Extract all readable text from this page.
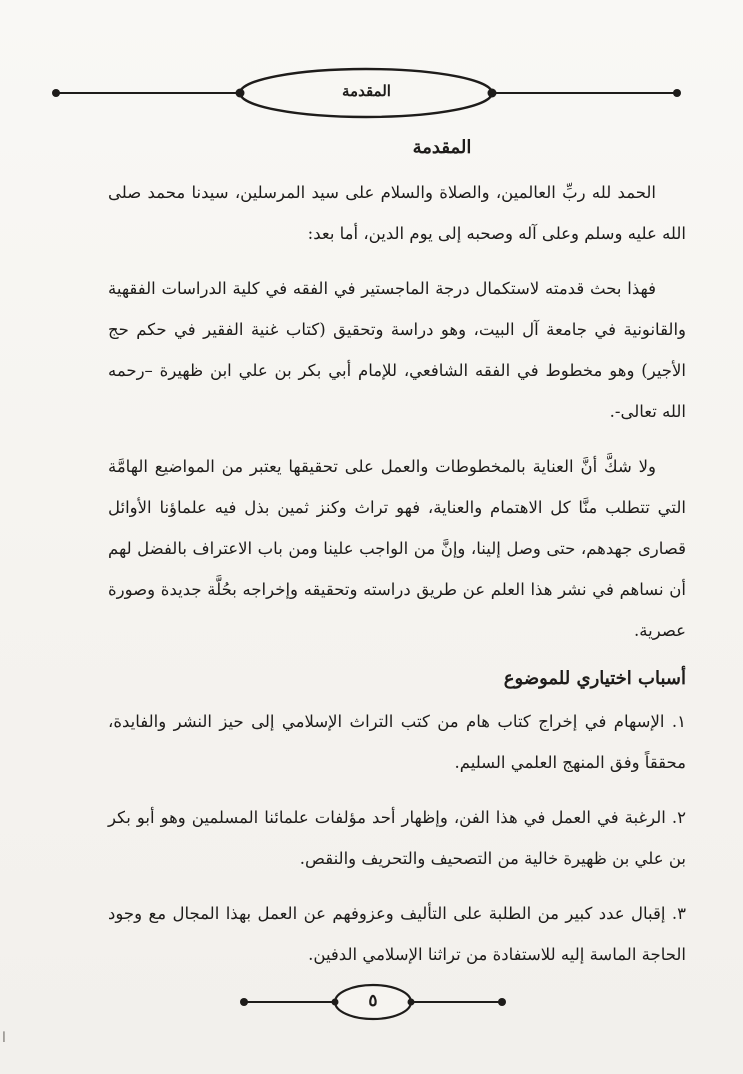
المقدمة

المقدمة

الحمد لله ربِّ العالمين، والصلاة والسلام على سيد المرسلين، سيدنا محمد صلى الله عليه وسلم وعلى آله وصحبه إلى يوم الدين، أما بعد:

فهذا بحث قدمته لاستكمال درجة الماجستير في الفقه في كلية الدراسات الفقهية والقانونية في جامعة آل البيت، وهو دراسة وتحقيق (كتاب غنية الفقير في حكم حج الأجير) وهو مخطوط في الفقه الشافعي، للإمام أبي بكر بن علي ابن ظهيرة –رحمه الله تعالى-.

ولا شكَّ أنَّ العناية بالمخطوطات والعمل على تحقيقها يعتبر من المواضيع الهامَّة التي تتطلب منَّا كل الاهتمام والعناية، فهو تراث وكنز ثمين بذل فيه علماؤنا الأوائل قصارى جهدهم، حتى وصل إلينا، وإنَّ من الواجب علينا ومن باب الاعتراف بالفضل لهم أن نساهم في نشر هذا العلم عن طريق دراسته وتحقيقه وإخراجه بحُلَّة جديدة وصورة عصرية.

أسباب اختياري للموضوع

١. الإسهام في إخراج كتاب هام من كتب التراث الإسلامي إلى حيز النشر والفايدة، محققاً وفق المنهج العلمي السليم.

٢. الرغبة في العمل في هذا الفن، وإظهار أحد مؤلفات علمائنا المسلمين وهو أبو بكر بن علي بن ظهيرة خالية من التصحيف والتحريف والنقص.

٣. إقبال عدد كبير من الطلبة على التأليف وعزوفهم عن العمل بهذا المجال مع وجود الحاجة الماسة إليه للاستفادة من تراثنا الإسلامي الدفين.

٥
ا
